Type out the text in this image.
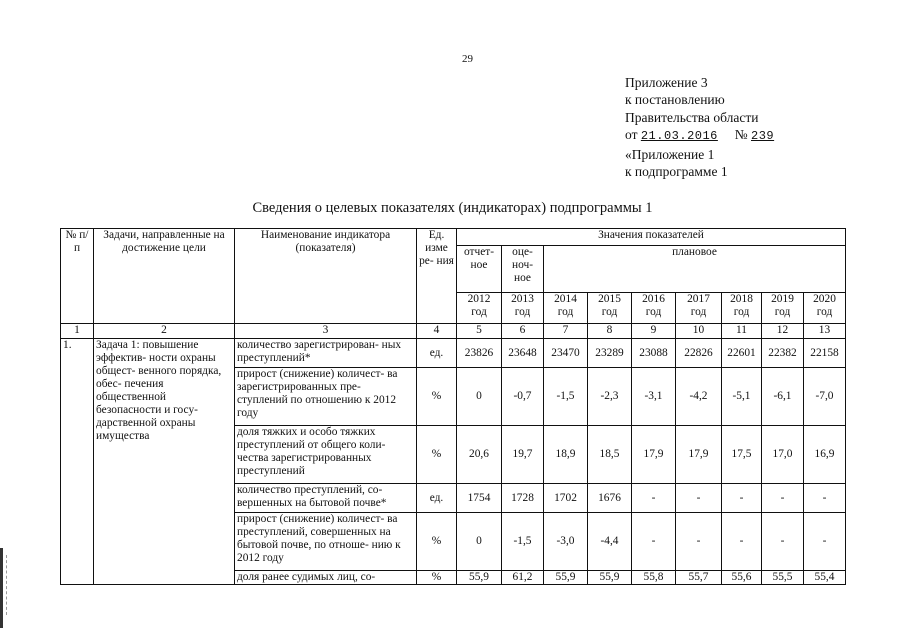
29
Приложение 3
к постановлению
Правительства области
от 21.03.2016 № 239
«Приложение 1
к подпрограмме 1
Сведения о целевых показателях (индикаторах) подпрограммы 1
№ п/п	Задачи, направленные на достижение цели	Наименование индикатора (показателя)	Ед. изме ре- ния	Значения показателей								
				отчет- ное	оце- ноч- ное	плановое						
				2012 год	2013 год	2014 год	2015 год	2016 год	2017 год	2018 год	2019 год	2020 год
1	2	3	4	5	6	7	8	9	10	11	12	13
1.	Задача 1: повышение эффектив- ности охраны общест- венного порядка, обес- печения общественной безопасности и госу- дарственной охраны имущества	количество зарегистрирован- ных преступлений*	ед.	23826	23648	23470	23289	23088	22826	22601	22382	22158
		прирост (снижение) количест- ва зарегистрированных пре- ступлений по отношению к 2012 году	%	0	-0,7	-1,5	-2,3	-3,1	-4,2	-5,1	-6,1	-7,0
		доля тяжких и особо тяжких преступлений от общего коли- чества зарегистрированных преступлений	%	20,6	19,7	18,9	18,5	17,9	17,9	17,5	17,0	16,9
		количество преступлений, со- вершенных на бытовой почве*	ед.	1754	1728	1702	1676	-	-	-	-	-
		прирост (снижение) количест- ва преступлений, совершенных на бытовой почве, по отноше- нию к 2012 году	%	0	-1,5	-3,0	-4,4	-	-	-	-	-
		доля ранее судимых лиц, со-	%	55,9	61,2	55,9	55,9	55,8	55,7	55,6	55,5	55,4
